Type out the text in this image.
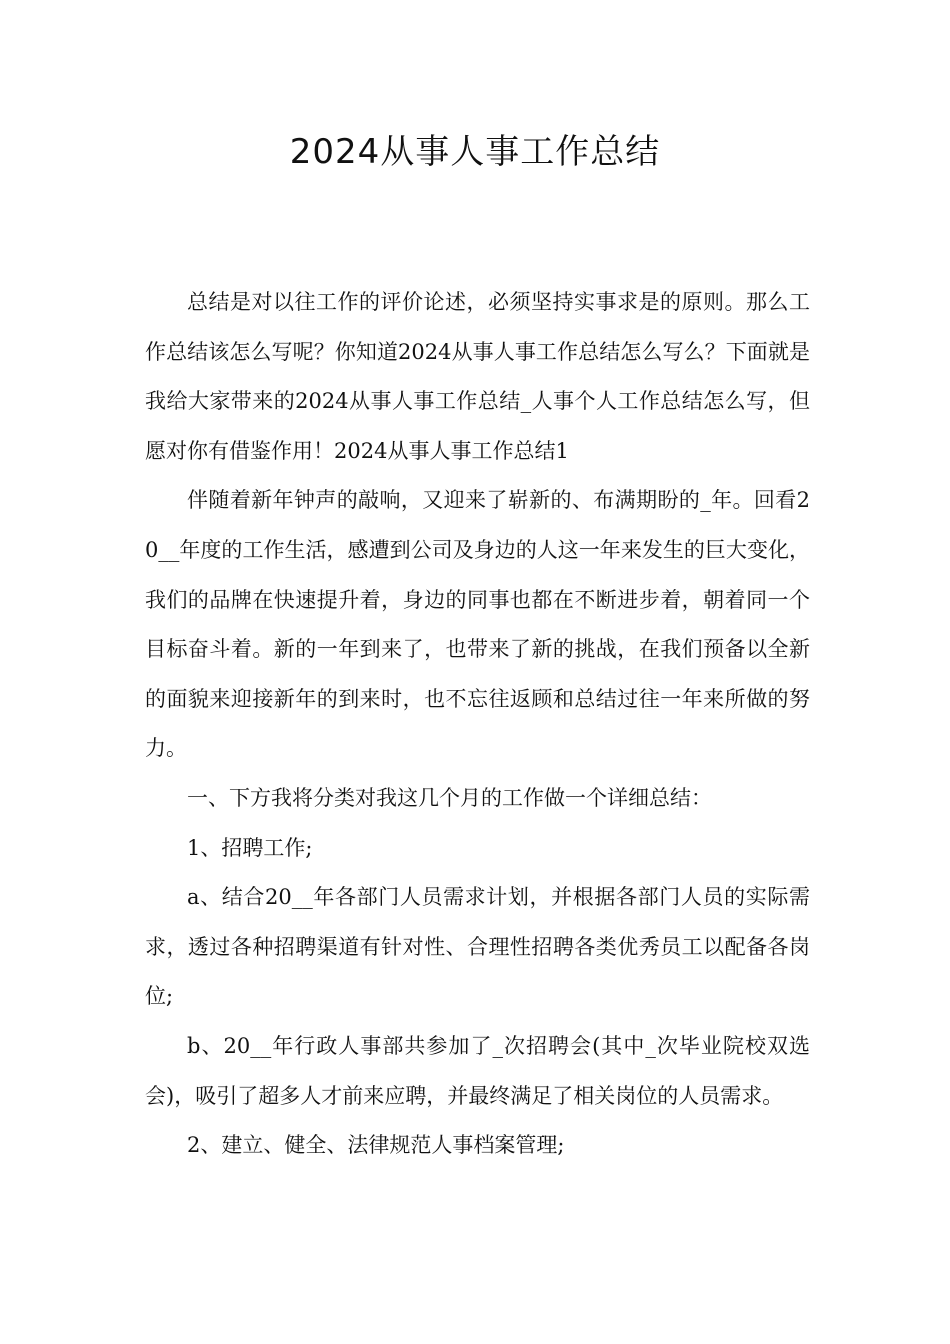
2024从事人事工作总结

总结是对以往工作的评价论述，必须坚持实事求是的原则。那么工作总结该怎么写呢？你知道2024从事人事工作总结怎么写么？下面就是我给大家带来的2024从事人事工作总结_人事个人工作总结怎么写，但愿对你有借鉴作用！2024从事人事工作总结1

伴随着新年钟声的敲响，又迎来了崭新的、布满期盼的_年。回看20__年度的工作生活，感遭到公司及身边的人这一年来发生的巨大变化，我们的品牌在快速提升着，身边的同事也都在不断进步着，朝着同一个目标奋斗着。新的一年到来了，也带来了新的挑战，在我们预备以全新的面貌来迎接新年的到来时，也不忘往返顾和总结过往一年来所做的努力。

一、下方我将分类对我这几个月的工作做一个详细总结：

1、招聘工作;

a、结合20__年各部门人员需求计划，并根据各部门人员的实际需求，透过各种招聘渠道有针对性、合理性招聘各类优秀员工以配备各岗位;

b、20__年行政人事部共参加了_次招聘会(其中_次毕业院校双选会)，吸引了超多人才前来应聘，并最终满足了相关岗位的人员需求。

2、建立、健全、法律规范人事档案管理;
